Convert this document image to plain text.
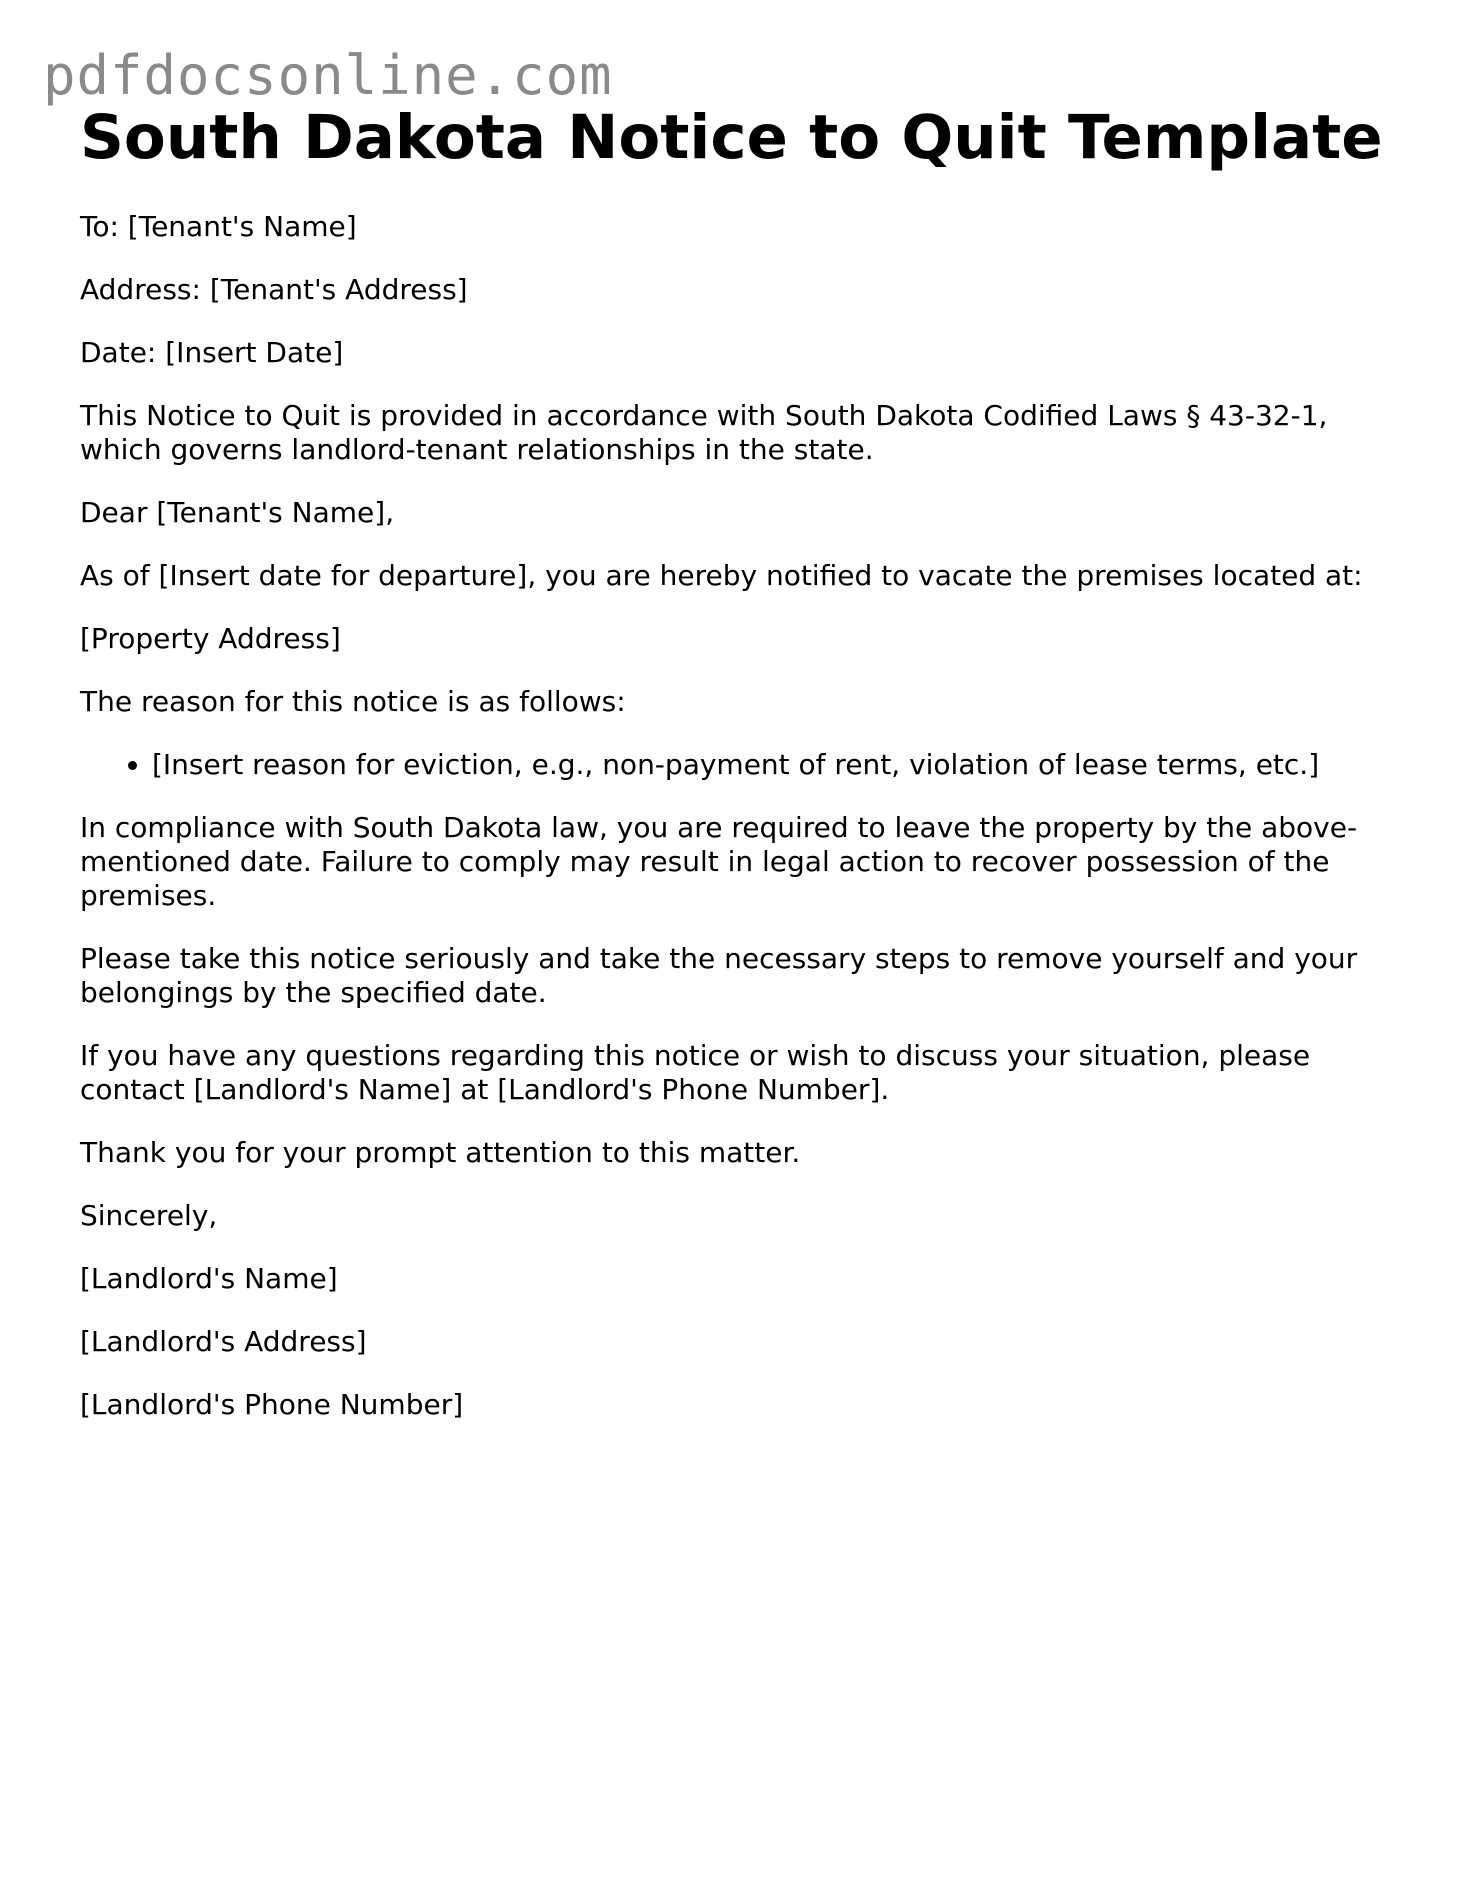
pdfdocsonline.com
South Dakota Notice to Quit Template

To: [Tenant's Name]

Address: [Tenant's Address]

Date: [Insert Date]

This Notice to Quit is provided in accordance with South Dakota Codified Laws § 43-32-1, which governs landlord-tenant relationships in the state.

Dear [Tenant's Name],

As of [Insert date for departure], you are hereby notified to vacate the premises located at:

[Property Address]

The reason for this notice is as follows:

• [Insert reason for eviction, e.g., non-payment of rent, violation of lease terms, etc.]

In compliance with South Dakota law, you are required to leave the property by the above-mentioned date. Failure to comply may result in legal action to recover possession of the premises.

Please take this notice seriously and take the necessary steps to remove yourself and your belongings by the specified date.

If you have any questions regarding this notice or wish to discuss your situation, please contact [Landlord's Name] at [Landlord's Phone Number].

Thank you for your prompt attention to this matter.

Sincerely,

[Landlord's Name]

[Landlord's Address]

[Landlord's Phone Number]
